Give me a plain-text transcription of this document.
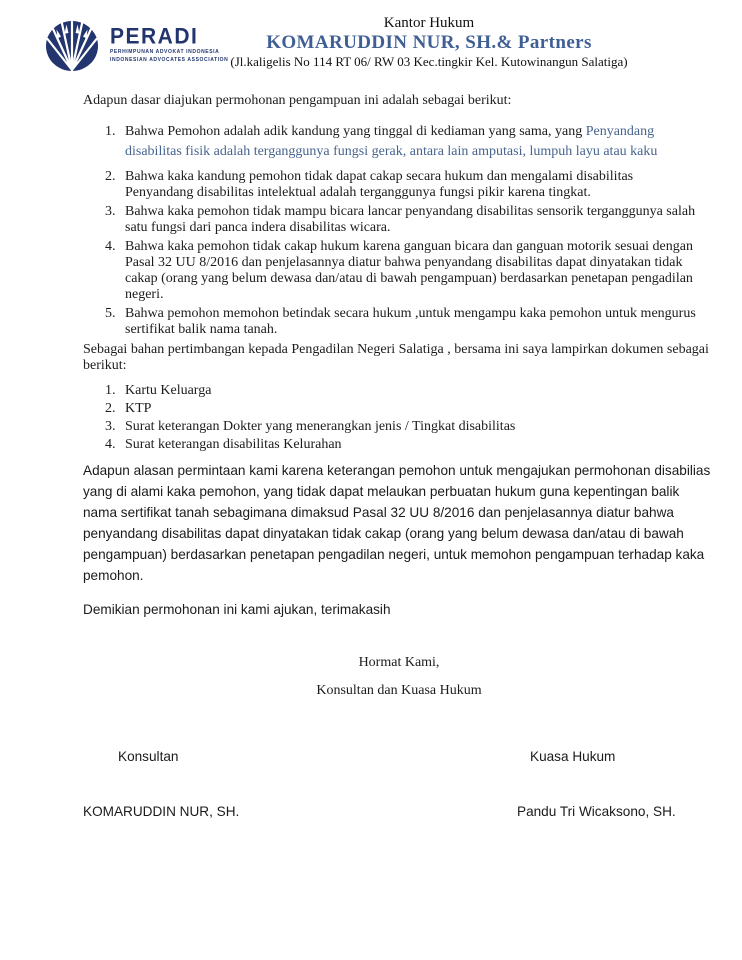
PERADI
PERHIMPUNAN ADVOKAT INDONESIA
INDONESIAN ADVOCATES ASSOCIATION
Kantor Hukum
KOMARUDDIN NUR, SH.& Partners
(Jl.kaligelis No 114 RT 06/ RW 03 Kec.tingkir Kel. Kutowinangun Salatiga)

Adapun dasar diajukan permohonan pengampuan ini adalah sebagai berikut:

1. Bahwa Pemohon adalah adik kandung yang tinggal di kediaman yang sama, yang Penyandang disabilitas fisik adalah terganggunya fungsi gerak, antara lain amputasi, lumpuh layu atau kaku
2. Bahwa kaka kandung pemohon tidak dapat cakap secara hukum dan mengalami disabilitas Penyandang disabilitas intelektual adalah terganggunya fungsi pikir karena tingkat.
3. Bahwa kaka pemohon tidak mampu bicara lancar penyandang disabilitas sensorik terganggunya salah satu fungsi dari panca indera disabilitas wicara.
4. Bahwa kaka pemohon tidak cakap hukum karena ganguan bicara dan ganguan motorik sesuai dengan Pasal 32 UU 8/2016 dan penjelasannya diatur bahwa penyandang disabilitas dapat dinyatakan tidak cakap (orang yang belum dewasa dan/atau di bawah pengampuan) berdasarkan penetapan pengadilan negeri.
5. Bahwa pemohon memohon betindak secara hukum ,untuk mengampu kaka pemohon untuk mengurus sertifikat balik nama tanah.

Sebagai bahan pertimbangan kepada Pengadilan Negeri Salatiga , bersama ini saya lampirkan dokumen sebagai berikut:

1. Kartu Keluarga
2. KTP
3. Surat keterangan Dokter yang menerangkan jenis / Tingkat disabilitas
4. Surat keterangan disabilitas Kelurahan

Adapun alasan permintaan kami karena keterangan pemohon untuk mengajukan permohonan disabilias yang di alami kaka pemohon, yang tidak dapat melaukan perbuatan hukum guna kepentingan balik nama sertifikat tanah sebagimana dimaksud Pasal 32 UU 8/2016 dan penjelasannya diatur bahwa penyandang disabilitas dapat dinyatakan tidak cakap (orang yang belum dewasa dan/atau di bawah pengampuan) berdasarkan penetapan pengadilan negeri, untuk memohon pengampuan terhadap kaka pemohon.

Demikian permohonan ini kami ajukan, terimakasih

Hormat Kami,
Konsultan dan Kuasa Hukum
Konsultan	Kuasa Hukum
KOMARUDDIN NUR, SH.	Pandu Tri Wicaksono, SH.
